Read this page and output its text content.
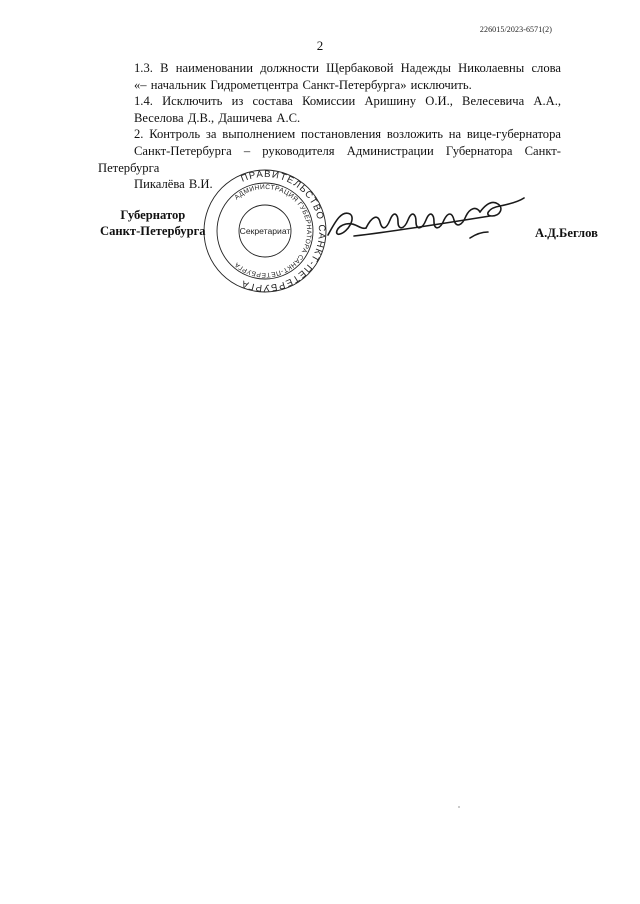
226015/2023-6571(2)
2

1.3. В наименовании должности Щербаковой Надежды Николаевны слова
«– начальник Гидрометцентра Санкт-Петербурга» исключить.

1.4. Исключить из состава Комиссии Аришину О.И., Велесевича А.А.,
Веселова Д.В., Дашичева А.С.

2. Контроль за выполнением постановления возложить на вице-губернатора
Санкт-Петербурга – руководителя Администрации Губернатора Санкт-Петербурга
Пикалёва В.И.	ПРАВИТЕЛЬСТВО САНКТ-ПЕТЕРБУРГА
АДМИНИСТРАЦИЯ ГУБЕРНАТОРА САНКТ-ПЕТЕРБУРГА
Секретариат
Губернатор
Санкт-Петербурга	А.Д.Беглов
